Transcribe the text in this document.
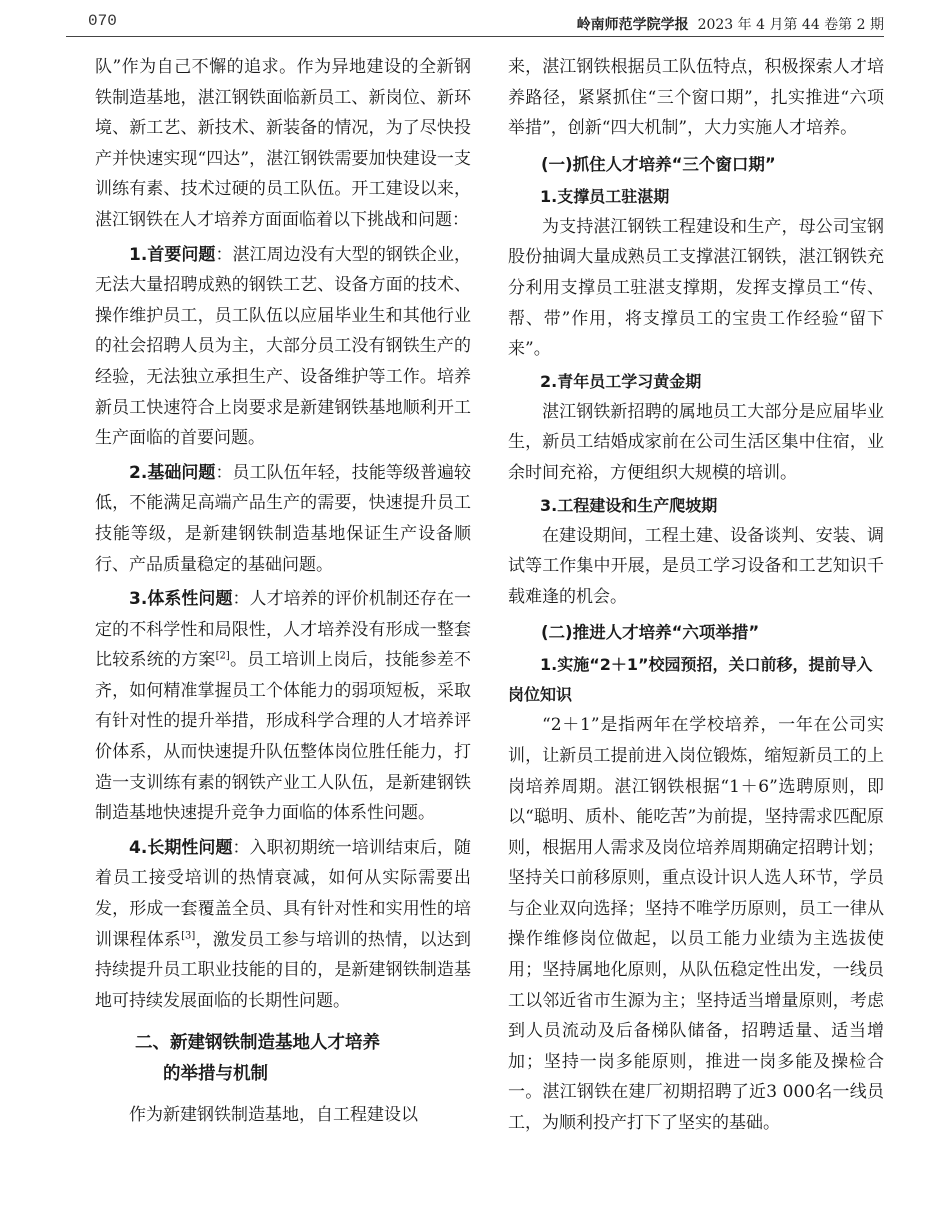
070	岭南师范学院学报 2023 年 4 月第 44 卷第 2 期

队”作为自己不懈的追求。作为异地建设的全新钢铁制造基地，湛江钢铁面临新员工、新岗位、新环境、新工艺、新技术、新装备的情况，为了尽快投产并快速实现“四达”，湛江钢铁需要加快建设一支训练有素、技术过硬的员工队伍。开工建设以来，湛江钢铁在人才培养方面面临着以下挑战和问题：

1.首要问题：湛江周边没有大型的钢铁企业，无法大量招聘成熟的钢铁工艺、设备方面的技术、操作维护员工，员工队伍以应届毕业生和其他行业的社会招聘人员为主，大部分员工没有钢铁生产的经验，无法独立承担生产、设备维护等工作。培养新员工快速符合上岗要求是新建钢铁基地顺利开工生产面临的首要问题。

2.基础问题：员工队伍年轻，技能等级普遍较低，不能满足高端产品生产的需要，快速提升员工技能等级，是新建钢铁制造基地保证生产设备顺行、产品质量稳定的基础问题。

3.体系性问题：人才培养的评价机制还存在一定的不科学性和局限性，人才培养没有形成一整套比较系统的方案[2]。员工培训上岗后，技能参差不齐，如何精准掌握员工个体能力的弱项短板，采取有针对性的提升举措，形成科学合理的人才培养评价体系，从而快速提升队伍整体岗位胜任能力，打造一支训练有素的钢铁产业工人队伍，是新建钢铁制造基地快速提升竞争力面临的体系性问题。

4.长期性问题：入职初期统一培训结束后，随着员工接受培训的热情衰减，如何从实际需要出发，形成一套覆盖全员、具有针对性和实用性的培训课程体系[3]，激发员工参与培训的热情，以达到持续提升员工职业技能的目的，是新建钢铁制造基地可持续发展面临的长期性问题。

二、新建钢铁制造基地人才培养
的举措与机制

作为新建钢铁制造基地，自工程建设以

来，湛江钢铁根据员工队伍特点，积极探索人才培养路径，紧紧抓住“三个窗口期”，扎实推进“六项举措”，创新“四大机制”，大力实施人才培养。

(一)抓住人才培养“三个窗口期”
1.支撑员工驻湛期

为支持湛江钢铁工程建设和生产，母公司宝钢股份抽调大量成熟员工支撑湛江钢铁，湛江钢铁充分利用支撑员工驻湛支撑期，发挥支撑员工“传、帮、带”作用，将支撑员工的宝贵工作经验“留下来”。

2.青年员工学习黄金期

湛江钢铁新招聘的属地员工大部分是应届毕业生，新员工结婚成家前在公司生活区集中住宿，业余时间充裕，方便组织大规模的培训。

3.工程建设和生产爬坡期

在建设期间，工程土建、设备谈判、安装、调试等工作集中开展，是员工学习设备和工艺知识千载难逢的机会。

(二)推进人才培养“六项举措”
1.实施“2＋1”校园预招，关口前移，提前导入岗位知识

“2＋1”是指两年在学校培养，一年在公司实训，让新员工提前进入岗位锻炼，缩短新员工的上岗培养周期。湛江钢铁根据“1＋6”选聘原则，即以“聪明、质朴、能吃苦”为前提，坚持需求匹配原则，根据用人需求及岗位培养周期确定招聘计划；坚持关口前移原则，重点设计识人选人环节，学员与企业双向选择；坚持不唯学历原则，员工一律从操作维修岗位做起，以员工能力业绩为主选拔使用；坚持属地化原则，从队伍稳定性出发，一线员工以邻近省市生源为主；坚持适当增量原则，考虑到人员流动及后备梯队储备，招聘适量、适当增加；坚持一岗多能原则，推进一岗多能及操检合一。湛江钢铁在建厂初期招聘了近3 000名一线员工，为顺利投产打下了坚实的基础。
